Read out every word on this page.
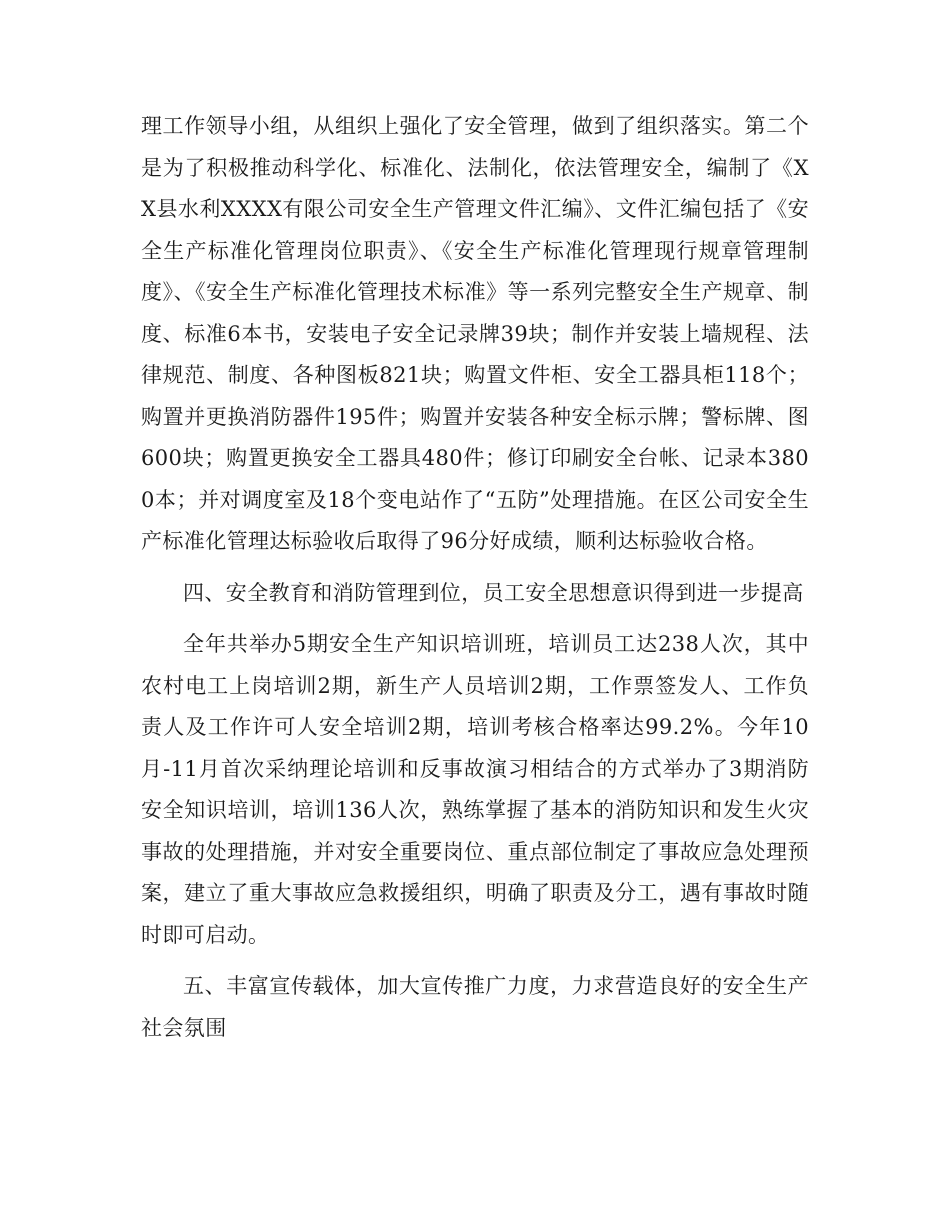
理工作领导小组，从组织上强化了安全管理，做到了组织落实。第二个是为了积极推动科学化、标准化、法制化，依法管理安全，编制了《XX县水利XXXX有限公司安全生产管理文件汇编》、文件汇编包括了《安全生产标准化管理岗位职责》、《安全生产标准化管理现行规章管理制度》、《安全生产标准化管理技术标准》等一系列完整安全生产规章、制度、标准6本书，安装电子安全记录牌39块；制作并安装上墙规程、法律规范、制度、各种图板821块；购置文件柜、安全工器具柜118个；购置并更换消防器件195件；购置并安装各种安全标示牌；警标牌、图600块；购置更换安全工器具480件；修订印刷安全台帐、记录本3800本；并对调度室及18个变电站作了“五防”处理措施。在区公司安全生产标准化管理达标验收后取得了96分好成绩，顺利达标验收合格。

四、安全教育和消防管理到位，员工安全思想意识得到进一步提高

全年共举办5期安全生产知识培训班，培训员工达238人次，其中农村电工上岗培训2期，新生产人员培训2期，工作票签发人、工作负责人及工作许可人安全培训2期，培训考核合格率达99.2%。今年10月-11月首次采纳理论培训和反事故演习相结合的方式举办了3期消防安全知识培训，培训136人次，熟练掌握了基本的消防知识和发生火灾事故的处理措施，并对安全重要岗位、重点部位制定了事故应急处理预案，建立了重大事故应急救援组织，明确了职责及分工，遇有事故时随时即可启动。

五、丰富宣传载体，加大宣传推广力度，力求营造良好的安全生产社会氛围
